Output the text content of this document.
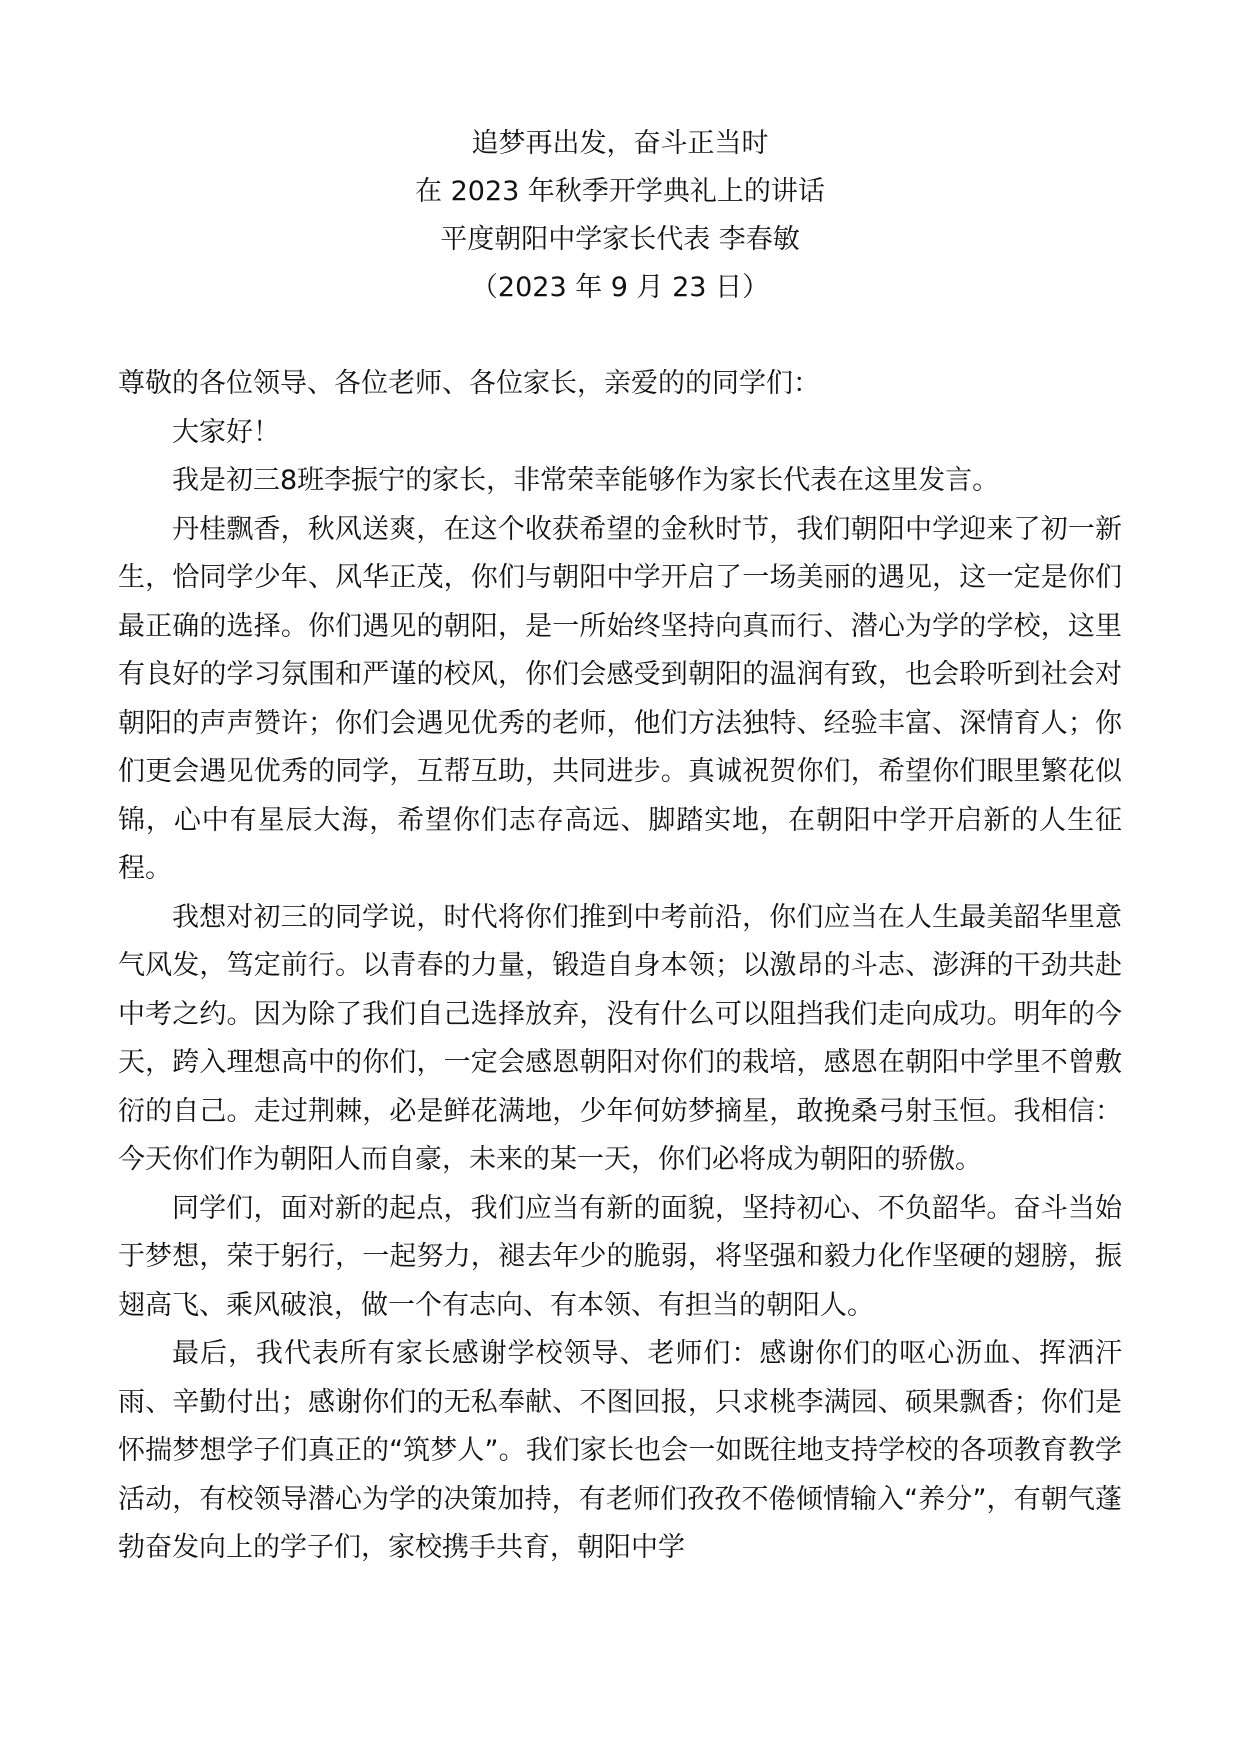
追梦再出发，奋斗正当时
在 2023 年秋季开学典礼上的讲话
平度朝阳中学家长代表 李春敏
（2023 年 9 月 23 日）

尊敬的各位领导、各位老师、各位家长，亲爱的的同学们：

大家好！

我是初三8班李振宁的家长，非常荣幸能够作为家长代表在这里发言。

丹桂飘香，秋风送爽，在这个收获希望的金秋时节，我们朝阳中学迎来了初一新生，恰同学少年、风华正茂，你们与朝阳中学开启了一场美丽的遇见，这一定是你们最正确的选择。你们遇见的朝阳，是一所始终坚持向真而行、潜心为学的学校，这里有良好的学习氛围和严谨的校风，你们会感受到朝阳的温润有致，也会聆听到社会对朝阳的声声赞许；你们会遇见优秀的老师，他们方法独特、经验丰富、深情育人；你们更会遇见优秀的同学，互帮互助，共同进步。真诚祝贺你们，希望你们眼里繁花似锦，心中有星辰大海，希望你们志存高远、脚踏实地，在朝阳中学开启新的人生征程。

我想对初三的同学说，时代将你们推到中考前沿，你们应当在人生最美韶华里意气风发，笃定前行。以青春的力量，锻造自身本领；以激昂的斗志、澎湃的干劲共赴中考之约。因为除了我们自己选择放弃，没有什么可以阻挡我们走向成功。明年的今天，跨入理想高中的你们，一定会感恩朝阳对你们的栽培，感恩在朝阳中学里不曾敷衍的自己。走过荆棘，必是鲜花满地，少年何妨梦摘星，敢挽桑弓射玉恒。我相信：今天你们作为朝阳人而自豪，未来的某一天，你们必将成为朝阳的骄傲。

同学们，面对新的起点，我们应当有新的面貌，坚持初心、不负韶华。奋斗当始于梦想，荣于躬行，一起努力，褪去年少的脆弱，将坚强和毅力化作坚硬的翅膀，振翅高飞、乘风破浪，做一个有志向、有本领、有担当的朝阳人。

最后，我代表所有家长感谢学校领导、老师们：感谢你们的呕心沥血、挥洒汗雨、辛勤付出；感谢你们的无私奉献、不图回报，只求桃李满园、硕果飘香；你们是怀揣梦想学子们真正的“筑梦人”。我们家长也会一如既往地支持学校的各项教育教学活动，有校领导潜心为学的决策加持，有老师们孜孜不倦倾情输入“养分”，有朝气蓬勃奋发向上的学子们，家校携手共育，朝阳中学
